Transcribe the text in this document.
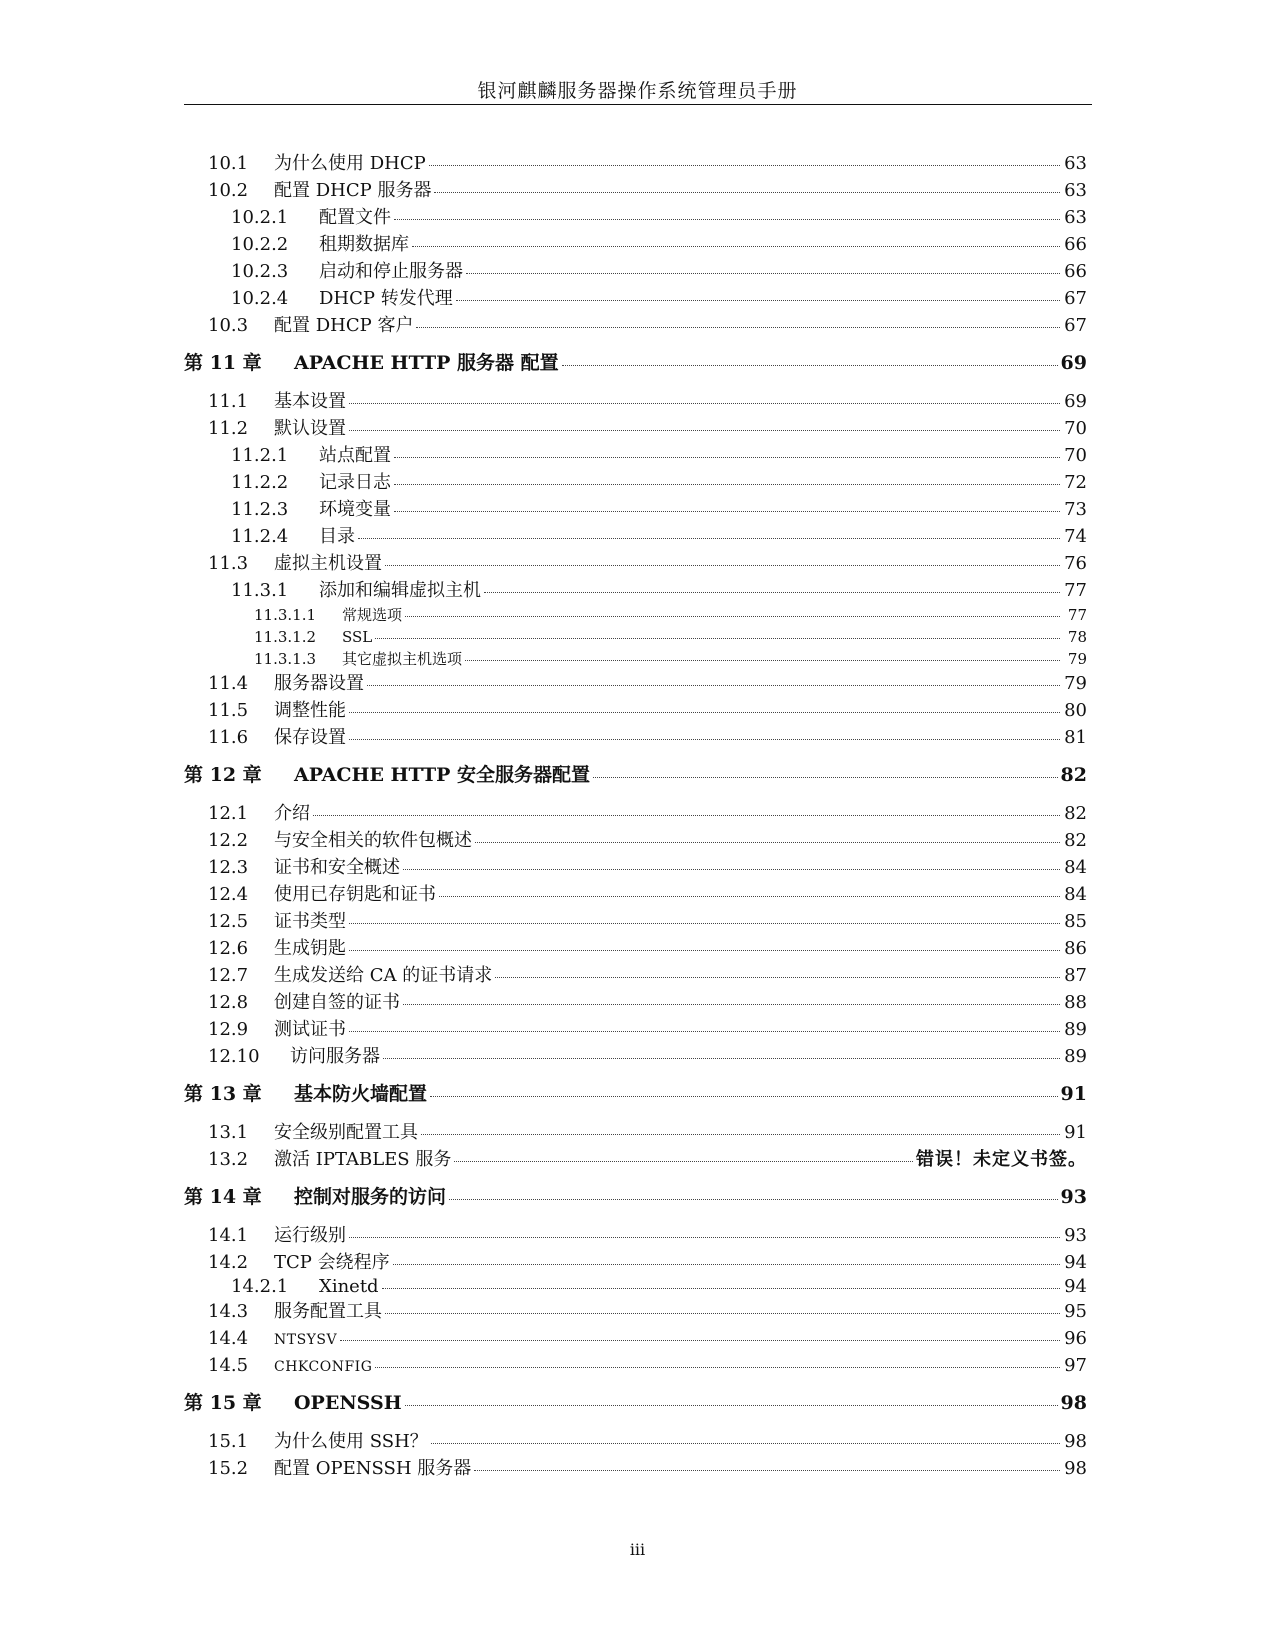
银河麒麟服务器操作系统管理员手册
10.1	为什么使用 DHCP	63
10.2	配置 DHCP 服务器	63
10.2.1	配置文件	63
10.2.2	租期数据库	66
10.2.3	启动和停止服务器	66
10.2.4	DHCP 转发代理	67
10.3	配置 DHCP 客户	67
第 11 章	APACHE HTTP 服务器 配置	69
11.1	基本设置	69
11.2	默认设置	70
11.2.1	站点配置	70
11.2.2	记录日志	72
11.2.3	环境变量	73
11.2.4	目录	74
11.3	虚拟主机设置	76
11.3.1	添加和编辑虚拟主机	77
11.3.1.1	常规选项	77
11.3.1.2	SSL	78
11.3.1.3	其它虚拟主机选项	79
11.4	服务器设置	79
11.5	调整性能	80
11.6	保存设置	81
第 12 章	APACHE HTTP 安全服务器配置	82
12.1	介绍	82
12.2	与安全相关的软件包概述	82
12.3	证书和安全概述	84
12.4	使用已存钥匙和证书	84
12.5	证书类型	85
12.6	生成钥匙	86
12.7	生成发送给 CA 的证书请求	87
12.8	创建自签的证书	88
12.9	测试证书	89
12.10	访问服务器	89
第 13 章	基本防火墙配置	91
13.1	安全级别配置工具	91
13.2	激活 IPTABLES 服务	错误！未定义书签。
第 14 章	控制对服务的访问	93
14.1	运行级别	93
14.2	TCP 会绕程序	94
14.2.1	Xinetd	94
14.3	服务配置工具	95
14.4	NTSYSV	96
14.5	CHKCONFIG	97
第 15 章	OPENSSH	98
15.1	为什么使用 SSH？	98
15.2	配置 OPENSSH 服务器	98
iii
